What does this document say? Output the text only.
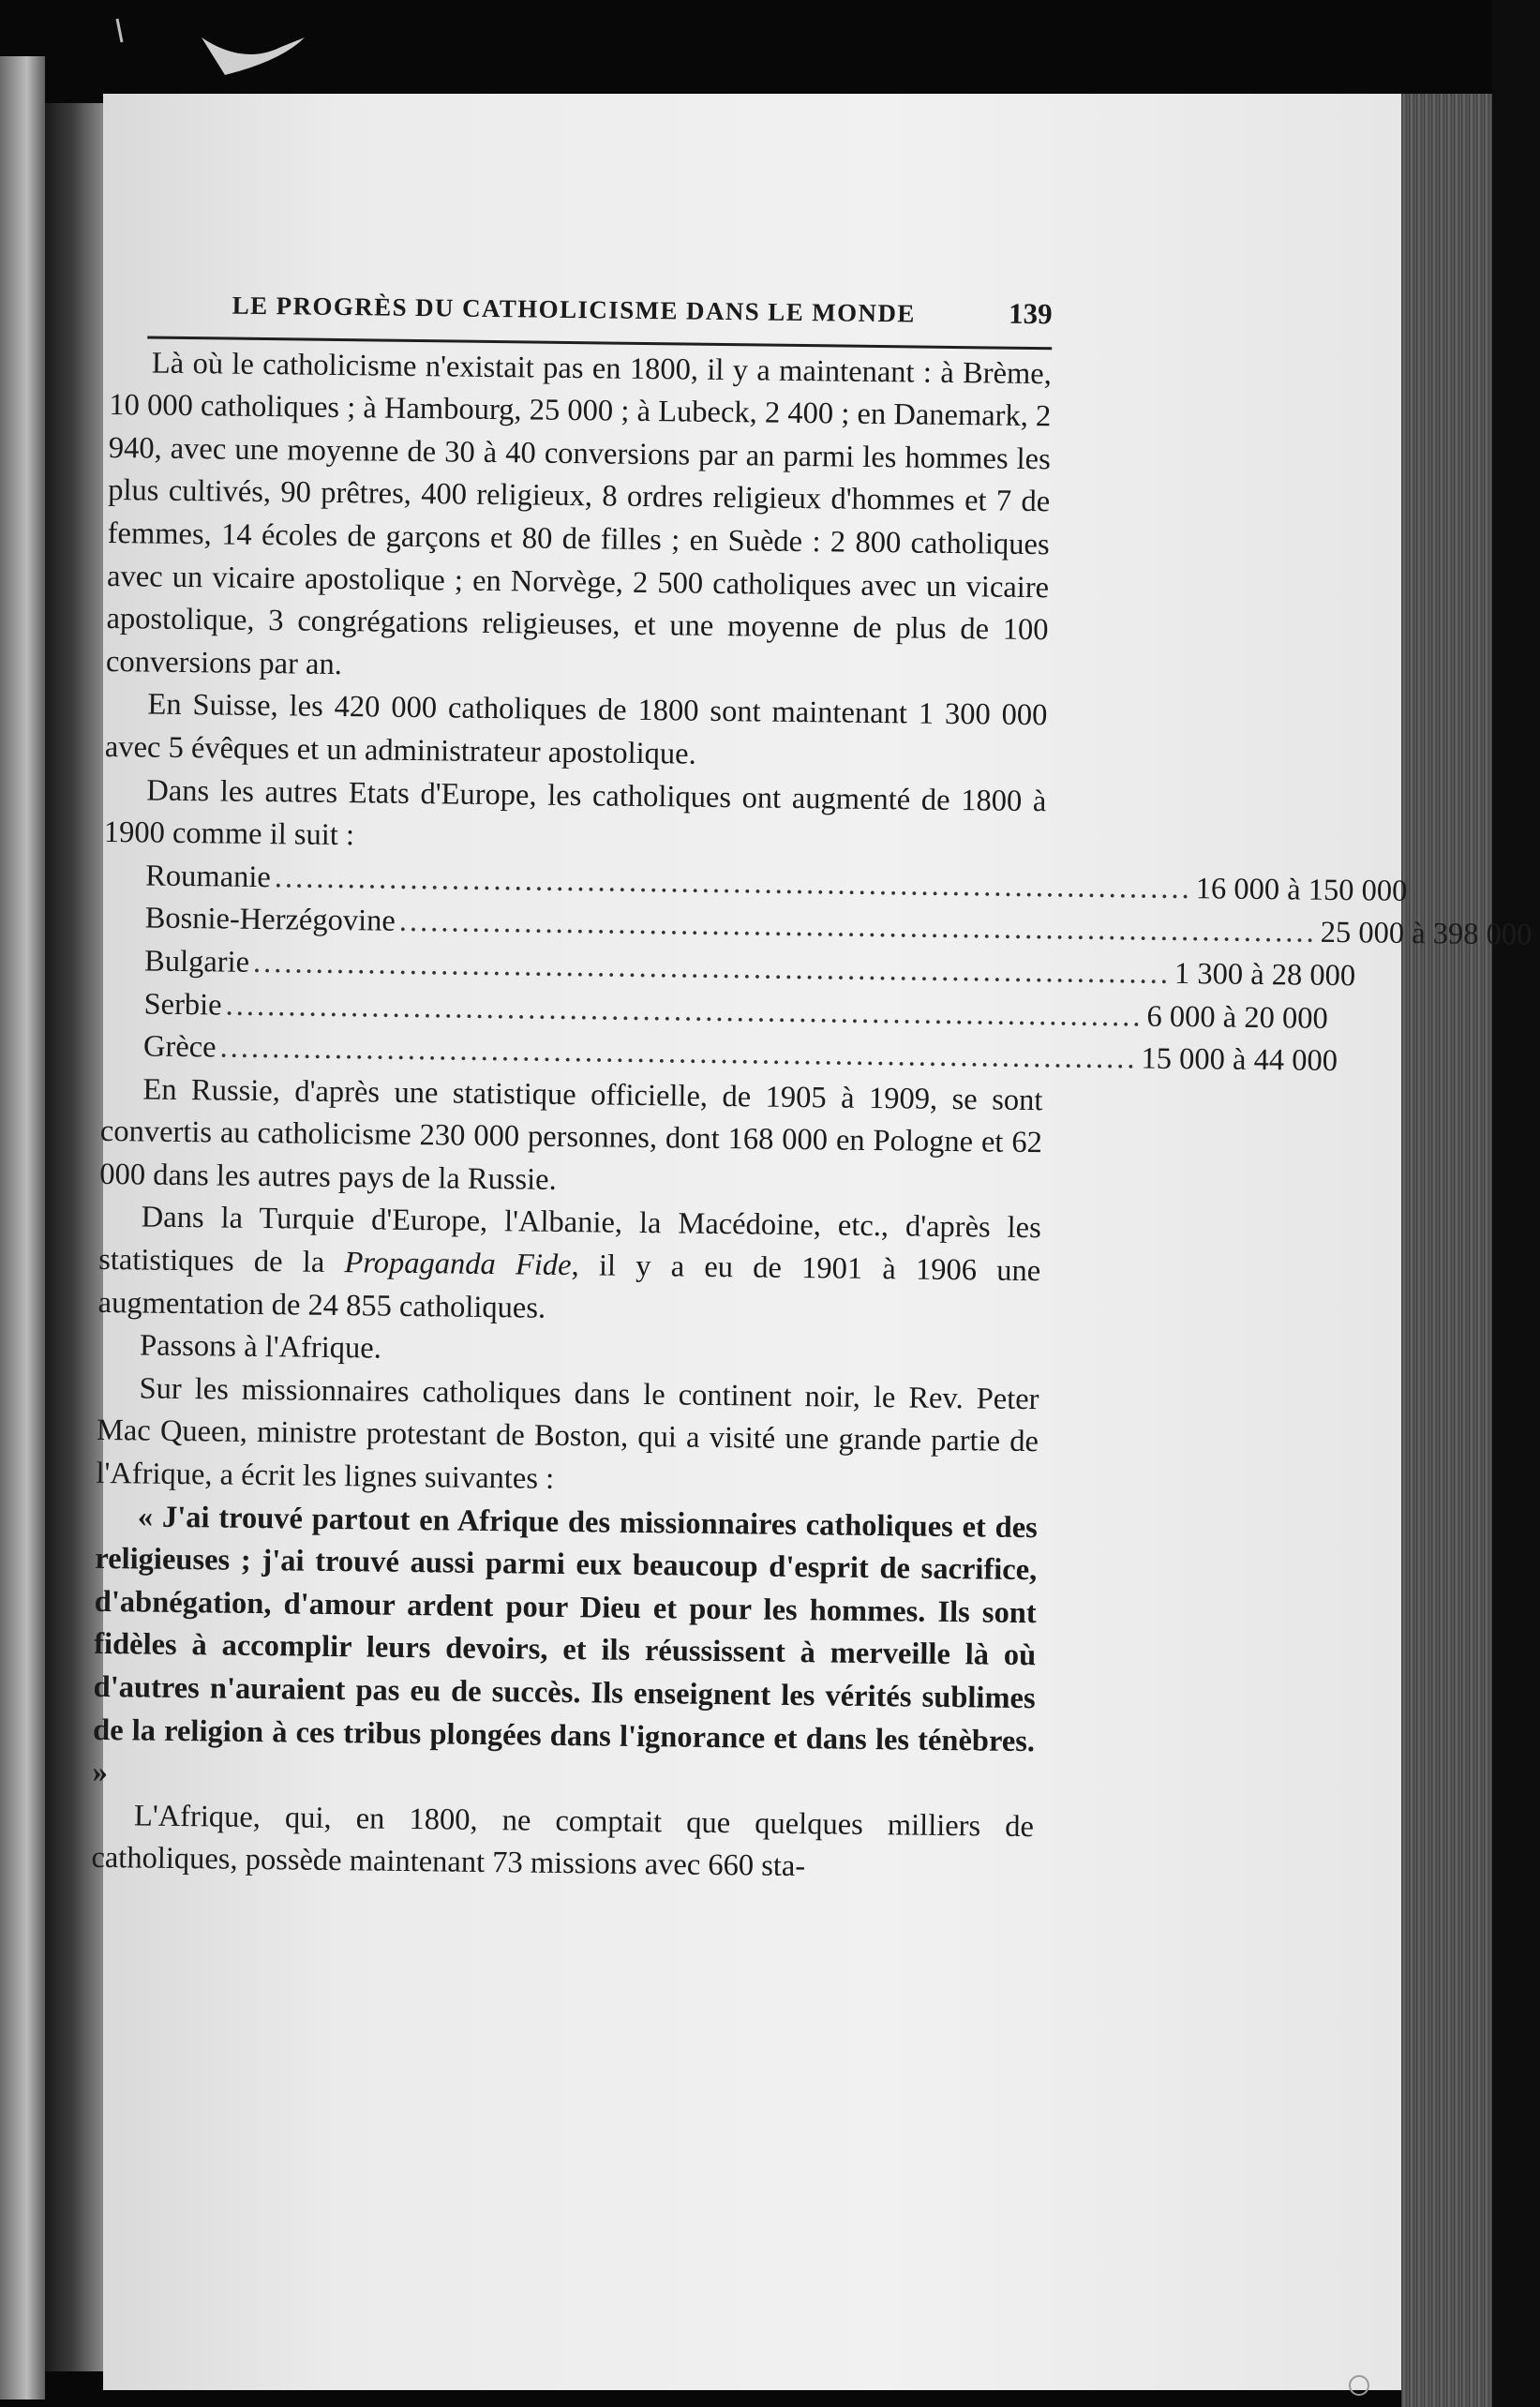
LE PROGRÈS DU CATHOLICISME DANS LE MONDE	139

Là où le catholicisme n'existait pas en 1800, il y a maintenant : à Brème, 10 000 catholiques ; à Hambourg, 25 000 ; à Lubeck, 2 400 ; en Danemark, 2 940, avec une moyenne de 30 à 40 conversions par an parmi les hommes les plus cultivés, 90 prêtres, 400 religieux, 8 ordres religieux d'hommes et 7 de femmes, 14 écoles de garçons et 80 de filles ; en Suède : 2 800 catholiques avec un vicaire apostolique ; en Norvège, 2 500 catholiques avec un vicaire apostolique, 3 congrégations religieuses, et une moyenne de plus de 100 conversions par an.

En Suisse, les 420 000 catholiques de 1800 sont maintenant 1 300 000 avec 5 évêques et un administrateur apostolique.

Dans les autres Etats d'Europe, les catholiques ont augmenté de 1800 à 1900 comme il suit :

Roumanie ........................................................................................ 16 000 à 150 000
Bosnie-Herzégovine ........................................................................................ 25 000 à 398 000
Bulgarie ........................................................................................ 1 300 à 28 000
Serbie ........................................................................................ 6 000 à 20 000
Grèce ........................................................................................ 15 000 à 44 000

En Russie, d'après une statistique officielle, de 1905 à 1909, se sont convertis au catholicisme 230 000 personnes, dont 168 000 en Pologne et 62 000 dans les autres pays de la Russie.

Dans la Turquie d'Europe, l'Albanie, la Macédoine, etc., d'après les statistiques de la Propaganda Fide, il y a eu de 1901 à 1906 une augmentation de 24 855 catholiques.

Passons à l'Afrique.

Sur les missionnaires catholiques dans le continent noir, le Rev. Peter Mac Queen, ministre protestant de Boston, qui a visité une grande partie de l'Afrique, a écrit les lignes suivantes :

« J'ai trouvé partout en Afrique des missionnaires catholiques et des religieuses ; j'ai trouvé aussi parmi eux beaucoup d'esprit de sacrifice, d'abnégation, d'amour ardent pour Dieu et pour les hommes. Ils sont fidèles à accomplir leurs devoirs, et ils réussissent à merveille là où d'autres n'auraient pas eu de succès. Ils enseignent les vérités sublimes de la religion à ces tribus plongées dans l'ignorance et dans les ténèbres. »

L'Afrique, qui, en 1800, ne comptait que quelques milliers de catholiques, possède maintenant 73 missions avec 660 sta-
